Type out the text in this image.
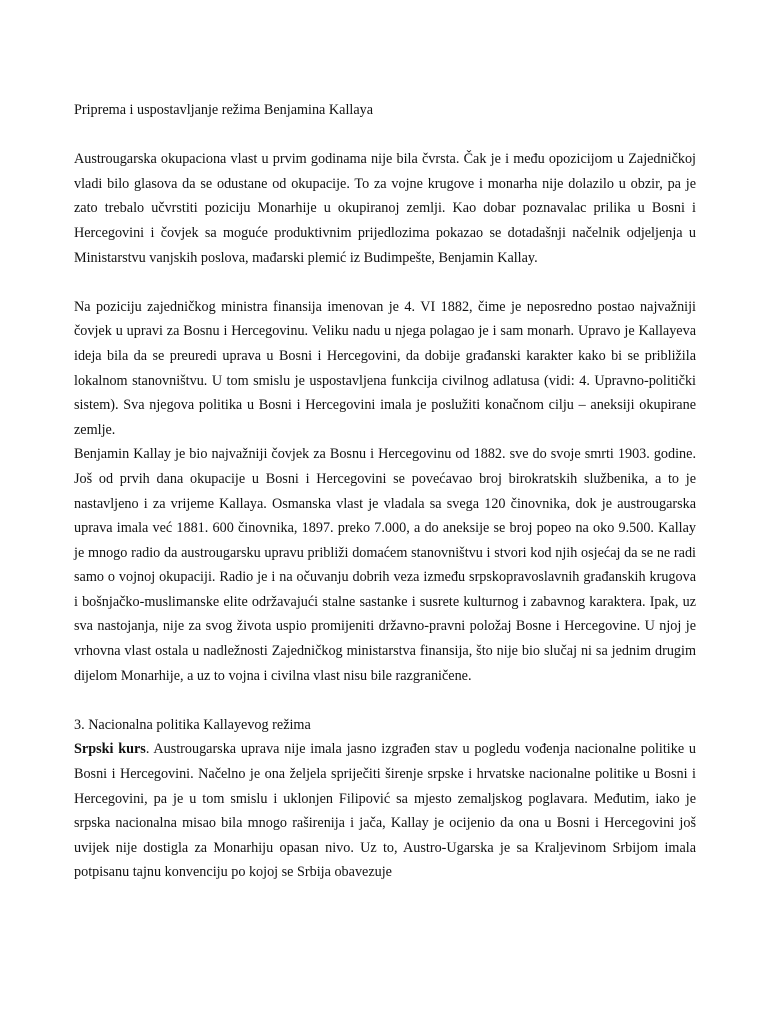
Priprema i uspostavljanje režima Benjamina Kallaya

Austrougarska okupaciona vlast u prvim godinama nije bila čvrsta. Čak je i među opozicijom u Zajedničkoj vladi bilo glasova da se odustane od okupacije. To za vojne krugove i monarha nije dolazilo u obzir, pa je zato trebalo učvrstiti poziciju Monarhije u okupiranoj zemlji. Kao dobar poznavalac prilika u Bosni i Hercegovini i čovjek sa moguće produktivnim prijedlozima pokazao se dotadašnji načelnik odjeljenja u Ministarstvu vanjskih poslova, mađarski plemić iz Budimpešte, Benjamin Kallay.

Na poziciju zajedničkog ministra finansija imenovan je 4. VI 1882, čime je neposredno postao najvažniji čovjek u upravi za Bosnu i Hercegovinu. Veliku nadu u njega polagao je i sam monarh. Upravo je Kallayeva ideja bila da se preuredi uprava u Bosni i Hercegovini, da dobije građanski karakter kako bi se približila lokalnom stanovništvu. U tom smislu je uspostavljena funkcija civilnog adlatusa (vidi: 4. Upravno-politički sistem). Sva njegova politika u Bosni i Hercegovini imala je poslužiti konačnom cilju – aneksiji okupirane zemlje.

Benjamin Kallay je bio najvažniji čovjek za Bosnu i Hercegovinu od 1882. sve do svoje smrti 1903. godine. Još od prvih dana okupacije u Bosni i Hercegovini se povećavao broj birokratskih službenika, a to je nastavljeno i za vrijeme Kallaya. Osmanska vlast je vladala sa svega 120 činovnika, dok je austrougarska uprava imala već 1881. 600 činovnika, 1897. preko 7.000, a do aneksije se broj popeo na oko 9.500. Kallay je mnogo radio da austrougarsku upravu približi domaćem stanovništvu i stvori kod njih osjećaj da se ne radi samo o vojnoj okupaciji. Radio je i na očuvanju dobrih veza između srpskopravoslavnih građanskih krugova i bošnjačko-muslimanske elite održavajući stalne sastanke i susrete kulturnog i zabavnog karaktera. Ipak, uz sva nastojanja, nije za svog života uspio promijeniti državno-pravni položaj Bosne i Hercegovine. U njoj je vrhovna vlast ostala u nadležnosti Zajedničkog ministarstva finansija, što nije bio slučaj ni sa jednim drugim dijelom Monarhije, a uz to vojna i civilna vlast nisu bile razgraničene.

3. Nacionalna politika Kallayevog režima

Srpski kurs. Austrougarska uprava nije imala jasno izgrađen stav u pogledu vođenja nacionalne politike u Bosni i Hercegovini. Načelno je ona željela spriječiti širenje srpske i hrvatske nacionalne politike u Bosni i Hercegovini, pa je u tom smislu i uklonjen Filipović sa mjesto zemaljskog poglavara. Međutim, iako je srpska nacionalna misao bila mnogo raširenija i jača, Kallay je ocijenio da ona u Bosni i Hercegovini još uvijek nije dostigla za Monarhiju opasan nivo. Uz to, Austro-Ugarska je sa Kraljevinom Srbijom imala potpisanu tajnu konvenciju po kojoj se Srbija obavezuje
